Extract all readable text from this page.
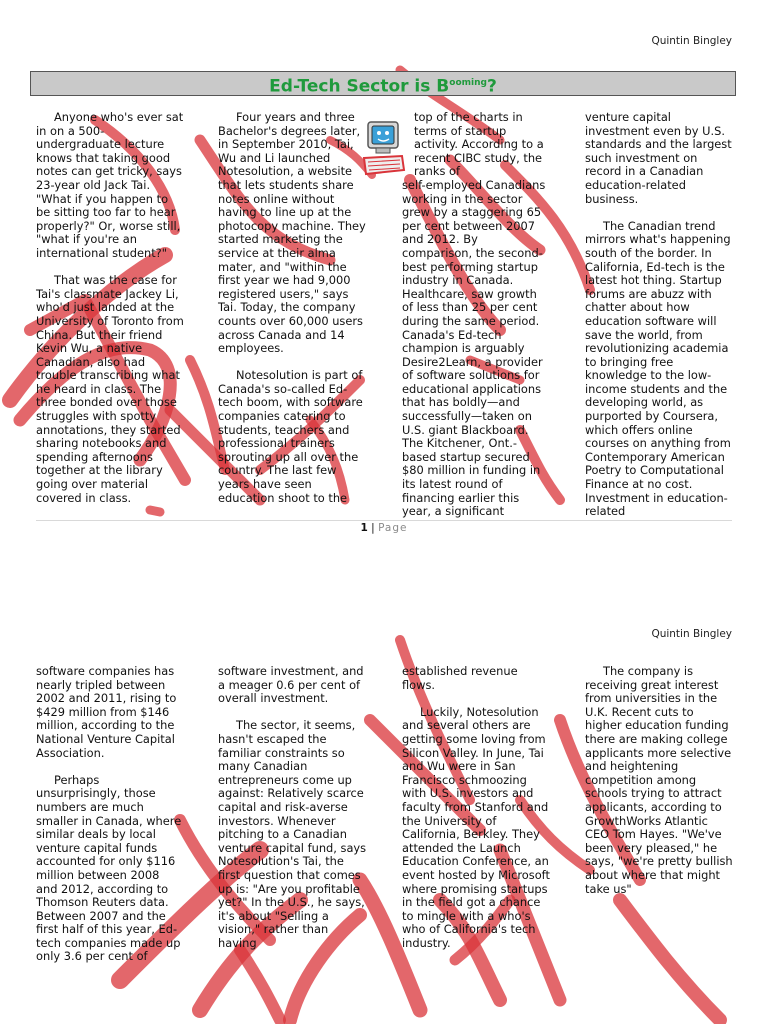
Quintin Bingley
Ed-Tech Sector is $B^{ooming}$?

Anyone who's ever sat in on a 500-undergraduate lecture knows that taking good notes can get tricky, says 23-year old Jack Tai. "What if you happen to be sitting too far to hear properly?" Or, worse still, "what if you're an international student?"

That was the case for Tai's classmate Jackey Li, who'd just landed at the University of Toronto from China. But their friend Kevin Wu, a native Canadian, also had trouble transcribing what he heard in class. The three bonded over those struggles with spotty annotations, they started sharing notebooks and spending afternoons together at the library going over material covered in class.

Four years and three Bachelor's degrees later, in September 2010, Tai, Wu and Li launched Notesolution, a website that lets students share notes online without having to line up at the photocopy machine. They started marketing the service at their alma mater, and "within the first year we had 9,000 registered users," says Tai. Today, the company counts over 60,000 users across Canada and 14 employees.

Notesolution is part of Canada's so-called Ed-tech boom, with software companies catering to students, teachers and professional trainers sprouting up all over the country. The last few years have seen education shoot to the

top of the charts in terms of startup activity. According to a recent CIBC study, the ranks of
self-employed Canadians working in the sector grew by a staggering 65 per cent between 2007 and 2012. By comparison, the second-best performing startup industry in Canada. Healthcare, saw growth of less than 25 per cent during the same period. Canada's Ed-tech champion is arguably Desire2Learn, a provider of software solutions for educational applications that has boldly—and successfully—taken on U.S. giant Blackboard. The Kitchener, Ont.-based startup secured $80 million in funding in its latest round of financing earlier this year, a significant

venture capital investment even by U.S. standards and the largest such investment on record in a Canadian education-related business.

The Canadian trend mirrors what's happening south of the border. In California, Ed-tech is the latest hot thing. Startup forums are abuzz with chatter about how education software will save the world, from revolutionizing academia to bringing free knowledge to the low-income students and the developing world, as purported by Coursera, which offers online courses on anything from Contemporary American Poetry to Computational Finance at no cost. Investment in education-related

1 | Page
Quintin Bingley

software companies has nearly tripled between 2002 and 2011, rising to $429 million from $146 million, according to the National Venture Capital Association.

Perhaps unsurprisingly, those numbers are much smaller in Canada, where similar deals by local venture capital funds accounted for only $116 million between 2008 and 2012, according to Thomson Reuters data. Between 2007 and the first half of this year, Ed-tech companies made up only 3.6 per cent of

software investment, and a meager 0.6 per cent of overall investment.

The sector, it seems, hasn't escaped the familiar constraints so many Canadian entrepreneurs come up against: Relatively scarce capital and risk-averse investors. Whenever pitching to a Canadian venture capital fund, says Notesolution's Tai, the first question that comes up is: "Are you profitable yet?" In the U.S., he says, it's about "Selling a vision," rather than having

established revenue flows.

Luckily, Notesolution and several others are getting some loving from Silicon Valley. In June, Tai and Wu were in San Francisco schmoozing with U.S. investors and faculty from Stanford and the University of California, Berkley. They attended the Launch Education Conference, an event hosted by Microsoft where promising startups in the field got a chance to mingle with a who's who of California's tech industry.

The company is receiving great interest from universities in the U.K. Recent cuts to higher education funding there are making college applicants more selective and heightening competition among schools trying to attract applicants, according to GrowthWorks Atlantic CEO Tom Hayes. "We've been very pleased," he says, "we're pretty bullish about where that might take us"
